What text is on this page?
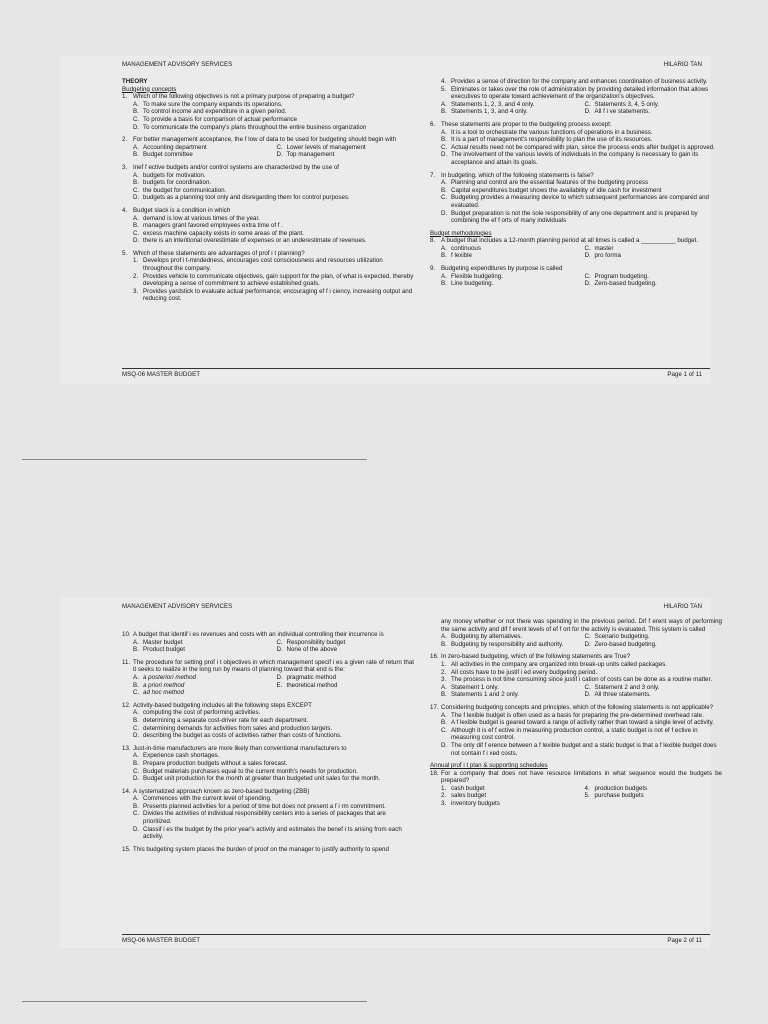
MANAGEMENT ADVISORY SERVICES	HILARIO TAN
THEORY
Budgeting concepts
1. Which of the following objectives is not a primary purpose of preparing a budget?
A. To make sure the company expands its operations.
B. To control income and expenditure in a given period.
C. To provide a basis for comparison of actual performance
D. To communicate the company's plans throughout the entire business organization
2. For better management acceptance, the f low of data to be used for budgeting should begin with
A. Accounting department	C. Lower levels of management
B. Budget committee	D. Top management
3. Inef f ective budgets and/or control systems are characterized by the use of
A. budgets for motivation.
B. budgets for coordination.
C. the budget for communication.
D. budgets as a planning tool only and disregarding them for control purposes.
4. Budget slack is a condition in which
A. demand is low at various times of the year.
B. managers grant favored employees extra time of f .
C. excess machine capacity exists in some areas of the plant.
D. there is an intentional overestimate of expenses or an underestimate of revenues.
5. Which of these statements are advantages of prof i t planning?
1. Develops prof i t-mindedness, encourages cost consciousness and resources utilization throughout the company.
2. Provides vehicle to communicate objectives, gain support for the plan, of what is expected, thereby developing a sense of commitment to achieve established goals.
3. Provides yardstick to evaluate actual performance; encouraging ef f i ciency, increasing output and reducing cost.
4. Provides a sense of direction for the company and enhances coordination of business activity.
5. Eliminates or takes over the role of administration by providing detailed information that allows executives to operate toward achievement of the organization's objectives.
A. Statements 1, 2, 3, and 4 only.	C. Statements 3, 4, 5 only.
B. Statements 1, 3, and 4 only.	D. All f i ve statements.
6. These statements are proper to the budgeting process except:
A. It is a tool to orchestrate the various functions of operations in a business.
B. It is a part of management's responsibility to plan the use of its resources.
C. Actual results need not be compared with plan, since the process ends after budget is approved.
D. The involvement of the various levels of individuals in the company is necessary to gain its acceptance and attain its goals.
7. In budgeting, which of the following statements is false?
A. Planning and control are the essential features of the budgeting process
B. Capital expenditures budget shows the availability of idle cash for investment
C. Budgeting provides a measuring device to which subsequent performances are compared and evaluated.
D. Budget preparation is not the sole responsibility of any one department and is prepared by combining the ef f orts of many individuals
Budget methodologies
8. A budget that includes a 12-month planning period at all times is called a __________ budget.
A. continuous	C. master
B. f lexible	D. pro forma
9. Budgeting expenditures by purpose is called
A. Flexible budgeting.	C. Program budgeting.
B. Line budgeting.	D. Zero-based budgeting.
MSQ-06 MASTER BUDGET	Page 1 of 11
MANAGEMENT ADVISORY SERVICES	HILARIO TAN
10. A budget that identif i es revenues and costs with an individual controlling their incurrence is
A. Master budget	C. Responsibility budget
B. Product budget	D. None of the above
11. The procedure for setting prof i t objectives in which management specif i es a given rate of return that it seeks to realize in the long run by means of planning toward that end is the:
A. a posteriori method	D. pragmatic method
B. a priori method	E. theoretical method
C. ad hoc method
12. Activity-based budgeting includes all the following steps EXCEPT
A. computing the cost of performing activities.
B. determining a separate cost-driver rate for each department.
C. determining demands for activities from sales and production targets.
D. describing the budget as costs of activities rather than costs of functions.
13. Just-in-time manufacturers are more likely than conventional manufacturers to
A. Experience cash shortages.
B. Prepare production budgets without a sales forecast.
C. Budget materials purchases equal to the current month's needs for production.
D. Budget unit production for the month at greater than budgeted unit sales for the month.
14. A systematized approach known as zero-based budgeting (ZBB)
A. Commences with the current level of spending.
B. Presents planned activities for a period of time but does not present a f i rm commitment.
C. Divides the activities of individual responsibility centers into a series of packages that are prioritized.
D. Classif i es the budget by the prior year's activity and estimates the benef i ts arising from each activity.
15. This budgeting system places the burden of proof on the manager to justify authority to spend
any money whether or not there was spending in the previous period. Dif f erent ways of performing the same activity and dif f erent levels of ef f ort for the activity is evaluated. This system is called
A. Budgeting by alternatives.	C. Scenario budgeting.
B. Budgeting by responsibility and authority.	D. Zero-based budgeting.
16. In zero-based budgeting, which of the following statements are True?
1. All activities in the company are organized into break-up units called packages.
2. All costs have to be justif i ed every budgeting period.
3. The process is not time consuming since justif i cation of costs can be done as a routine matter.
A. Statement 1 only.	C. Statement 2 and 3 only.
B. Statements 1 and 2 only.	D. All three statements.
17. Considering budgeting concepts and principles, which of the following statements is not applicable?
A. The f lexible budget is often used as a basis for preparing the pre-determined overhead rate.
B. A f lexible budget is geared toward a range of activity rather than toward a single level of activity.
C. Although it is ef f ective in measuring production control, a static budget is not ef f ective in measuring cost control.
D. The only dif f erence between a f lexible budget and a static budget is that a f lexible budget does not contain f i xed costs.
Annual prof i t plan & supporting schedules
18. For a company that does not have resource limitations in what sequence would the budgets be prepared?
1. cash budget	4. production budgets
2. sales budget	5. purchase budgets
3. inventory budgets
MSQ-06 MASTER BUDGET	Page 2 of 11
